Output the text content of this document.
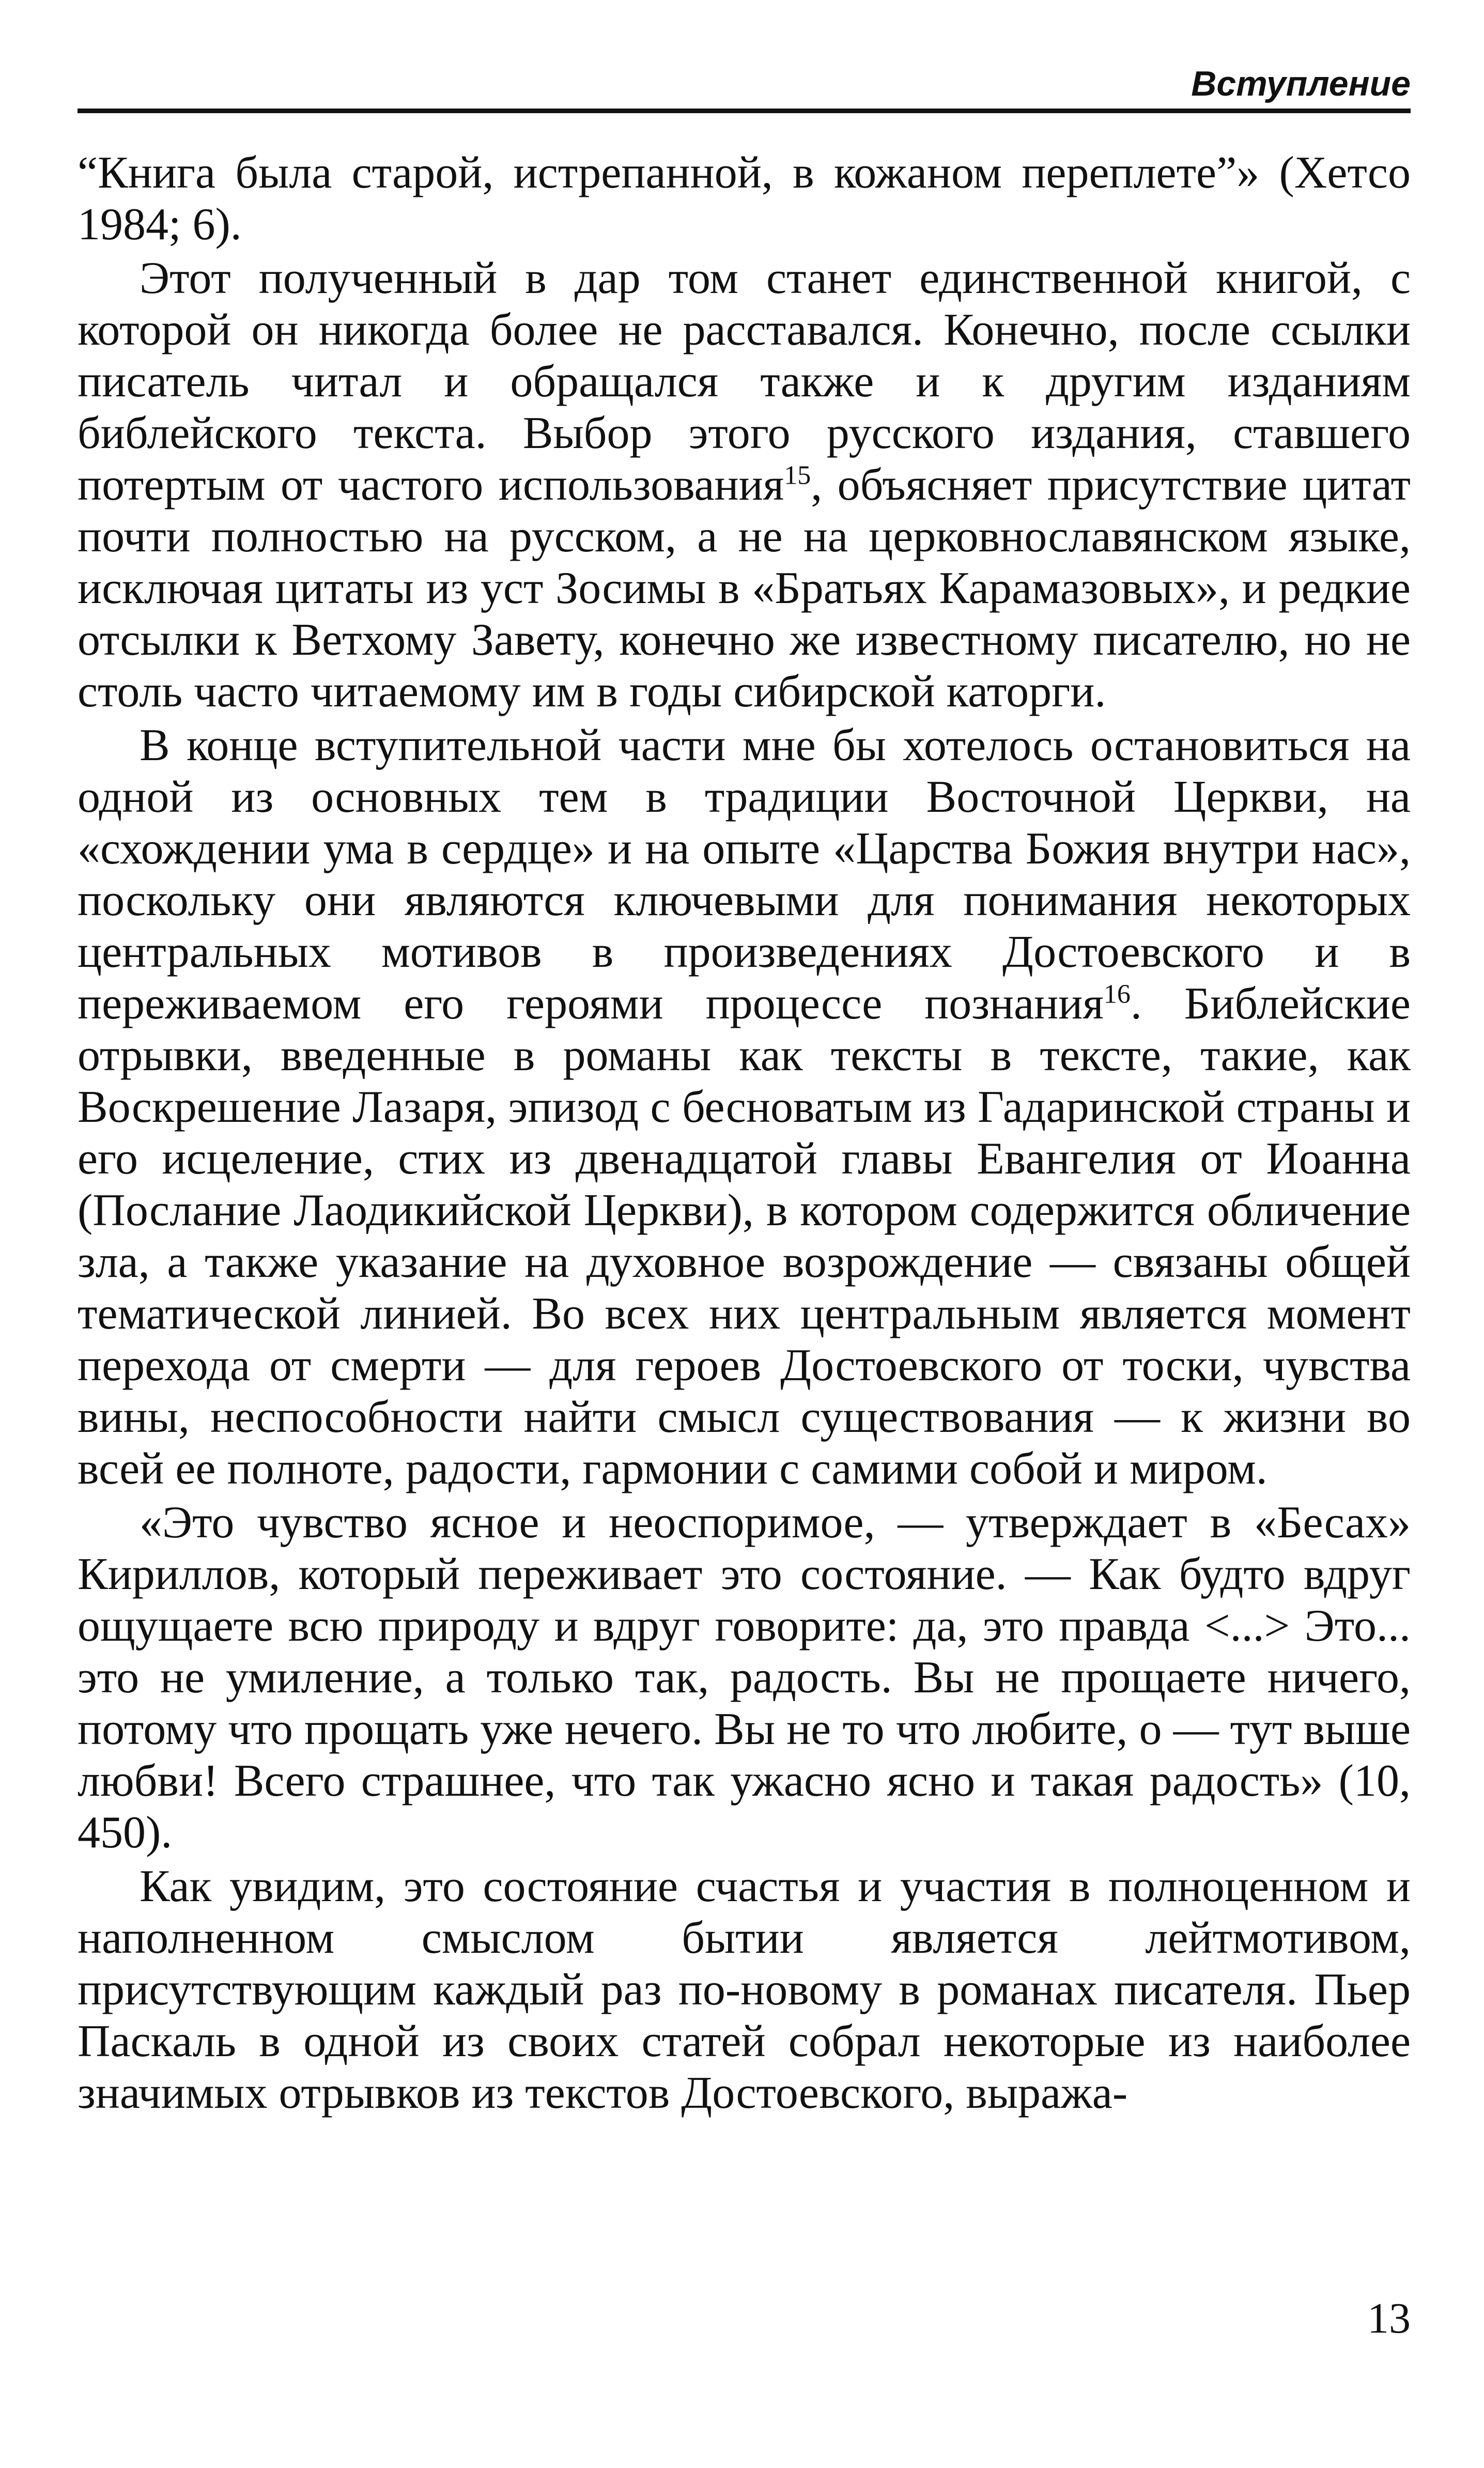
Вступление

“Книга была старой, истрепанной, в кожаном переплете”» (Хетсо 1984; 6).

Этот полученный в дар том станет единственной книгой, с которой он никогда более не расставался. Конечно, после ссылки писатель читал и обращался также и к другим изданиям библейского текста. Выбор этого русского издания, ставшего потертым от частого использования$^{15}$, объясняет присутствие цитат почти полностью на русском, а не на церковнославянском языке, исключая цитаты из уст Зосимы в «Братьях Карамазовых», и редкие отсылки к Ветхому Завету, конечно же известному писателю, но не столь часто читаемому им в годы сибирской каторги.

В конце вступительной части мне бы хотелось остановиться на одной из основных тем в традиции Восточной Церкви, на «схождении ума в сердце» и на опыте «Царства Божия внутри нас», поскольку они являются ключевыми для понимания некоторых центральных мотивов в произведениях Достоевского и в переживаемом его героями процессе познания$^{16}$. Библейские отрывки, введенные в романы как тексты в тексте, такие, как Воскрешение Лазаря, эпизод с бесноватым из Гадаринской страны и его исцеление, стих из двенадцатой главы Евангелия от Иоанна (Послание Лаодикийской Церкви), в котором содержится обличение зла, а также указание на духовное возрождение — связаны общей тематической линией. Во всех них центральным является момент перехода от смерти — для героев Достоевского от тоски, чувства вины, неспособности найти смысл существования — к жизни во всей ее полноте, радости, гармонии с самими собой и миром.

«Это чувство ясное и неоспоримое, — утверждает в «Бесах» Кириллов, который переживает это состояние. — Как будто вдруг ощущаете всю природу и вдруг говорите: да, это правда <...> Это... это не умиление, а только так, радость. Вы не прощаете ничего, потому что прощать уже нечего. Вы не то что любите, о — тут выше любви! Всего страшнее, что так ужасно ясно и такая радость» (10, 450).

Как увидим, это состояние счастья и участия в полноценном и наполненном смыслом бытии является лейтмотивом, присутствующим каждый раз по-новому в романах писателя. Пьер Паскаль в одной из своих статей собрал некоторые из наиболее значимых отрывков из текстов Достоевского, выража-

13
